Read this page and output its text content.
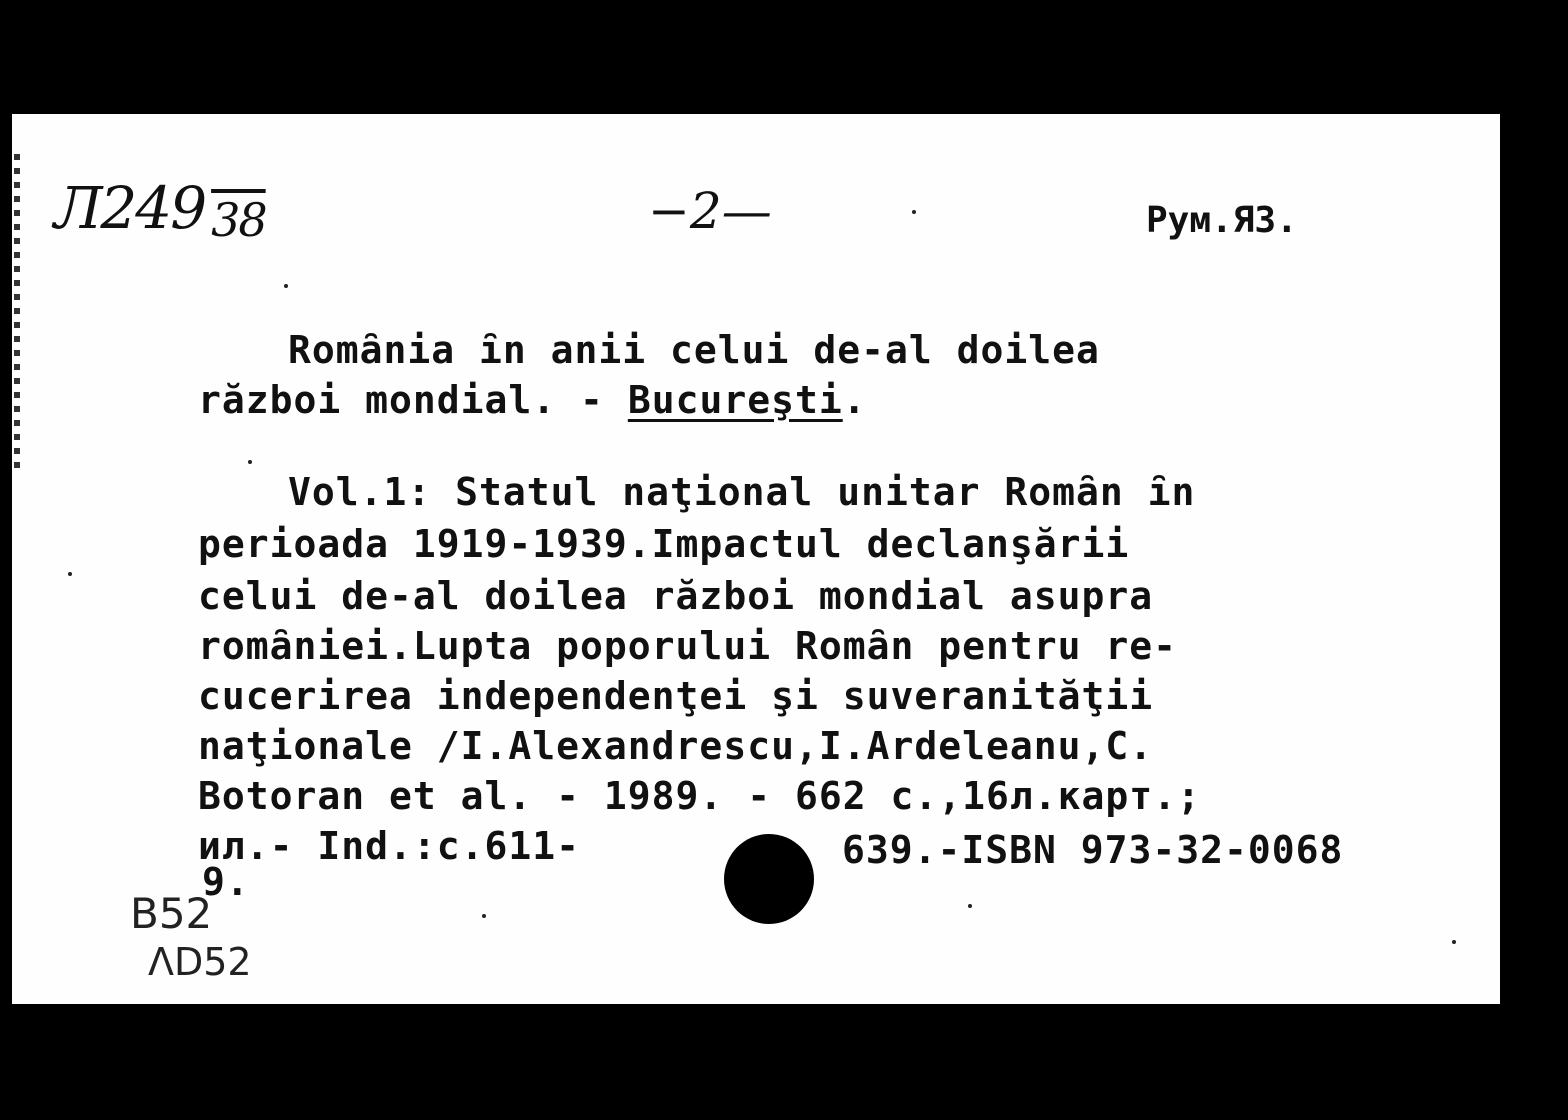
Л249 38	−2—	Рум.Я3.
Romȃnia ȋn anii celui de-al doilea
război mondial. - Bucureşti.
Vol.1: Statul naţional unitar Romȃn ȋn
perioada 1919-1939.Impactul declanşării
celui de-al doilea război mondial asupra
romȃniei.Lupta poporului Romȃn pentru re-
cucerirea independenţei şi suveranităţii
naţionale /I.Alexandrescu,I.Ardeleanu,C.
Botoran et al. - 1989. - 662 c.,16л.карт.;
ил.- Ind.:c.611-	639.-ISBN 973-32-0068
9.
B52
ΛD52
